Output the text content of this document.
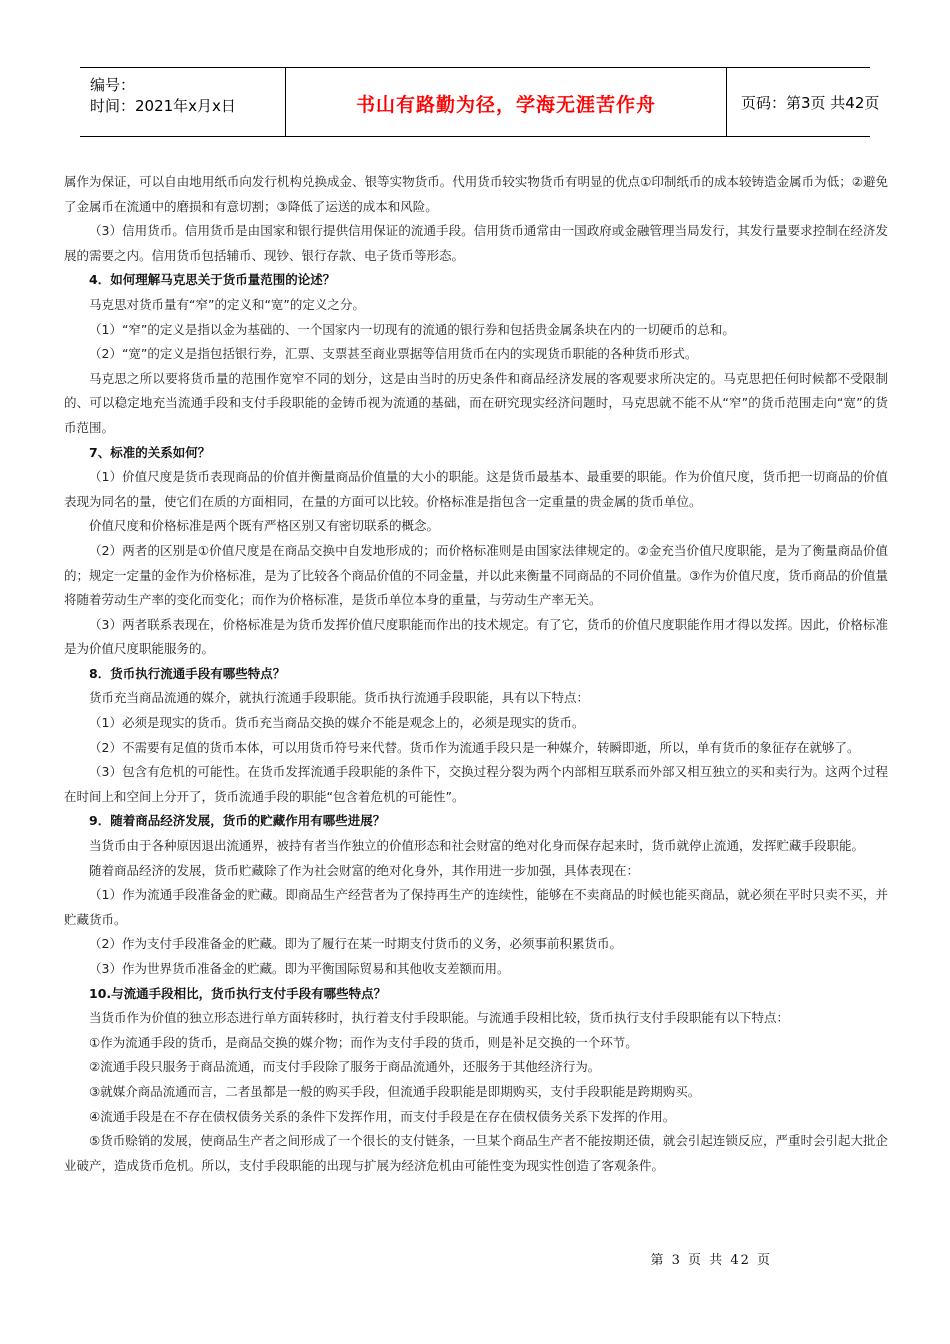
编号：
时间：2021年x月x日	书山有路勤为径，学海无涯苦作舟	页码：第3页 共42页

属作为保证，可以自由地用纸币向发行机构兑换成金、银等实物货币。代用货币较实物货币有明显的优点①印制纸币的成本较铸造金属币为低；②避免了金属币在流通中的磨损和有意切割；③降低了运送的成本和风险。

（3）信用货币。信用货币是由国家和银行提供信用保证的流通手段。信用货币通常由一国政府或金融管理当局发行，其发行量要求控制在经济发展的需要之内。信用货币包括辅币、现钞、银行存款、电子货币等形态。

4．如何理解马克思关于货币量范围的论述？

马克思对货币量有“窄”的定义和“宽”的定义之分。

（1）“窄”的定义是指以金为基础的、一个国家内一切现有的流通的银行券和包括贵金属条块在内的一切硬币的总和。

（2）“宽”的定义是指包括银行券，汇票、支票甚至商业票据等信用货币在内的实现货币职能的各种货币形式。

马克思之所以要将货币量的范围作宽窄不同的划分，这是由当时的历史条件和商品经济发展的客观要求所决定的。马克思把任何时候都不受限制的、可以稳定地充当流通手段和支付手段职能的金铸币视为流通的基础，而在研究现实经济问题时，马克思就不能不从“窄”的货币范围走向“宽”的货币范围。

7、标准的关系如何？

（1）价值尺度是货币表现商品的价值并衡量商品价值量的大小的职能。这是货币最基本、最重要的职能。作为价值尺度，货币把一切商品的价值表现为同名的量，使它们在质的方面相同，在量的方面可以比较。价格标准是指包含一定重量的贵金属的货币单位。

价值尺度和价格标准是两个既有严格区别又有密切联系的概念。

（2）两者的区别是①价值尺度是在商品交换中自发地形成的；而价格标准则是由国家法律规定的。②金充当价值尺度职能，是为了衡量商品价值的；规定一定量的金作为价格标准，是为了比较各个商品价值的不同金量，并以此来衡量不同商品的不同价值量。③作为价值尺度，货币商品的价值量将随着劳动生产率的变化而变化；而作为价格标准，是货币单位本身的重量，与劳动生产率无关。

（3）两者联系表现在，价格标准是为货币发挥价值尺度职能而作出的技术规定。有了它，货币的价值尺度职能作用才得以发挥。因此，价格标准是为价值尺度职能服务的。

8．货币执行流通手段有哪些特点？

货币充当商品流通的媒介，就执行流通手段职能。货币执行流通手段职能，具有以下特点：

（1）必须是现实的货币。货币充当商品交换的媒介不能是观念上的，必须是现实的货币。

（2）不需要有足值的货币本体，可以用货币符号来代替。货币作为流通手段只是一种媒介，转瞬即逝，所以，单有货币的象征存在就够了。

（3）包含有危机的可能性。在货币发挥流通手段职能的条件下，交换过程分裂为两个内部相互联系而外部又相互独立的买和卖行为。这两个过程在时间上和空间上分开了，货币流通手段的职能“包含着危机的可能性”。

9．随着商品经济发展，货币的贮藏作用有哪些进展？

当货币由于各种原因退出流通界，被持有者当作独立的价值形态和社会财富的绝对化身而保存起来时，货币就停止流通，发挥贮藏手段职能。

随着商品经济的发展，货币贮藏除了作为社会财富的绝对化身外，其作用进一步加强，具体表现在：

（1）作为流通手段准备金的贮藏。即商品生产经营者为了保持再生产的连续性，能够在不卖商品的时候也能买商品，就必须在平时只卖不买，并贮藏货币。

（2）作为支付手段准备金的贮藏。即为了履行在某一时期支付货币的义务，必须事前积累货币。

（3）作为世界货币准备金的贮藏。即为平衡国际贸易和其他收支差额而用。

10.与流通手段相比，货币执行支付手段有哪些特点？

当货币作为价值的独立形态进行单方面转移时，执行着支付手段职能。与流通手段相比较，货币执行支付手段职能有以下特点：

①作为流通手段的货币，是商品交换的媒介物；而作为支付手段的货币，则是补足交换的一个环节。

②流通手段只服务于商品流通，而支付手段除了服务于商品流通外，还服务于其他经济行为。

③就媒介商品流通而言，二者虽都是一般的购买手段，但流通手段职能是即期购买，支付手段职能是跨期购买。

④流通手段是在不存在债权债务关系的条件下发挥作用，而支付手段是在存在债权债务关系下发挥的作用。

⑤货币赊销的发展，使商品生产者之间形成了一个很长的支付链条，一旦某个商品生产者不能按期还债，就会引起连锁反应，严重时会引起大批企业破产，造成货币危机。所以，支付手段职能的出现与扩展为经济危机由可能性变为现实性创造了客观条件。

第 3 页 共 42 页
